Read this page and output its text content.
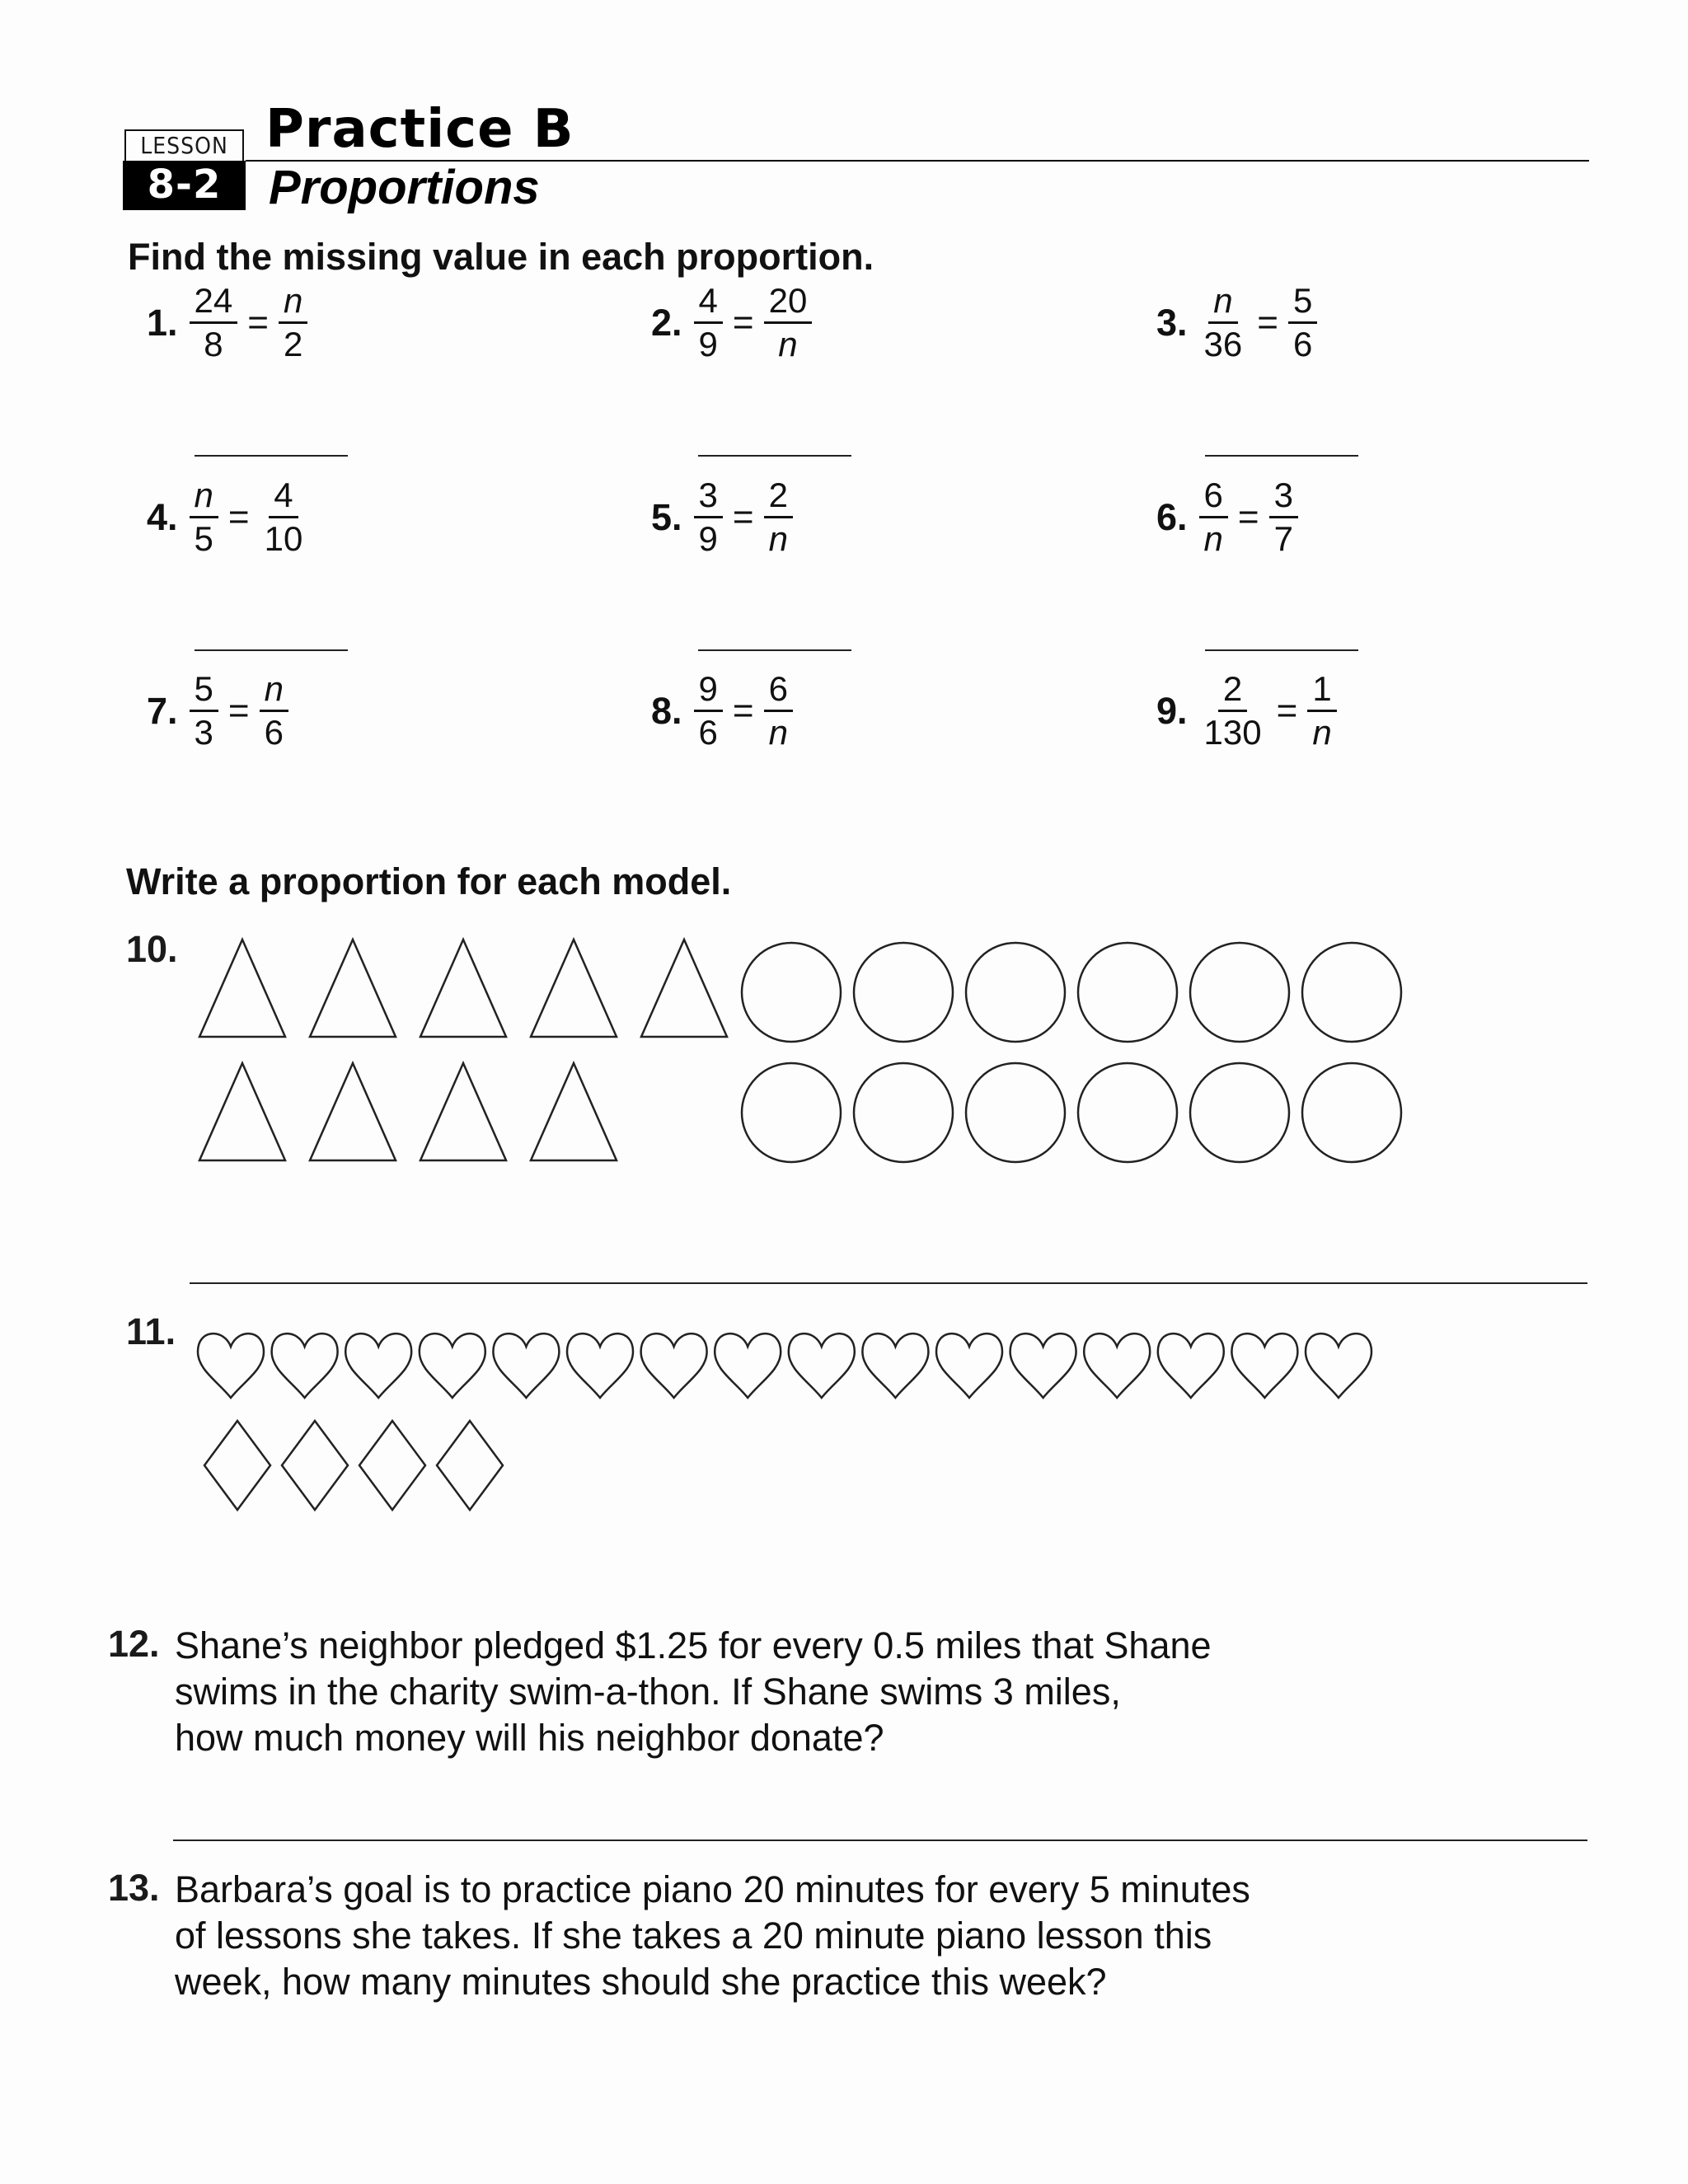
LESSON
8-2
Practice B
Proportions
Find the missing value in each proportion.
1. $\frac{24}{8} = \frac{n}{2}$	2. $\frac{4}{9} = \frac{20}{n}$	3. $\frac{n}{36} = \frac{5}{6}$
4. $\frac{n}{5} = \frac{4}{10}$	5. $\frac{3}{9} = \frac{2}{n}$	6. $\frac{6}{n} = \frac{3}{7}$
7. $\frac{5}{3} = \frac{n}{6}$	8. $\frac{9}{6} = \frac{6}{n}$	9. $\frac{2}{130} = \frac{1}{n}$
Write a proportion for each model.
10.
11.
12. Shane’s neighbor pledged $1.25 for every 0.5 miles that Shane
swims in the charity swim-a-thon. If Shane swims 3 miles,
how much money will his neighbor donate?
13. Barbara’s goal is to practice piano 20 minutes for every 5 minutes
of lessons she takes. If she takes a 20 minute piano lesson this
week, how many minutes should she practice this week?
